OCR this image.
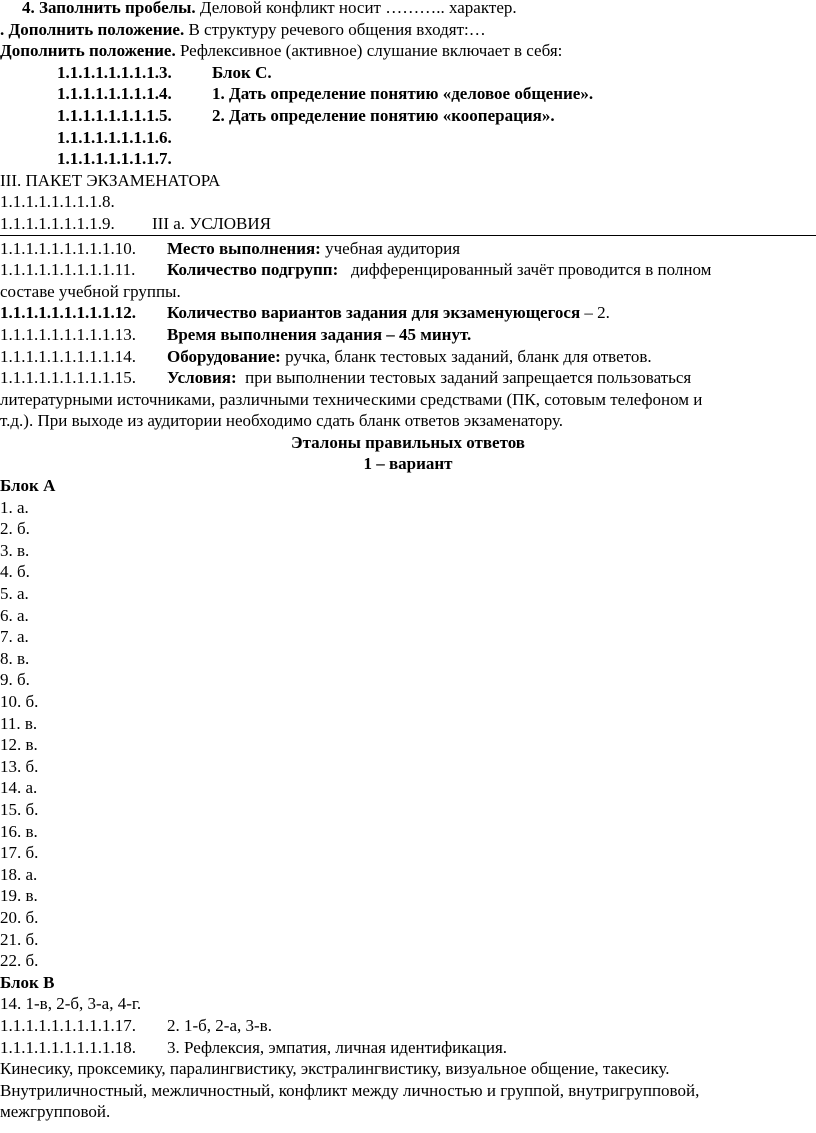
4. Заполнить пробелы. Деловой конфликт носит ……….. характер.
. Дополнить положение. В структуру речевого общения входят:…
Дополнить положение. Рефлексивное (активное) слушание включает в себя:
1.1.1.1.1.1.1.1.3. Блок С.
1.1.1.1.1.1.1.1.4. 1. Дать определение понятию «деловое общение».
1.1.1.1.1.1.1.1.5. 2. Дать определение понятию «кооперация».
1.1.1.1.1.1.1.1.6.
1.1.1.1.1.1.1.1.7.
III. ПАКЕТ ЭКЗАМЕНАТОРА
1.1.1.1.1.1.1.1.8.
1.1.1.1.1.1.1.1.9. III а. УСЛОВИЯ
1.1.1.1.1.1.1.1.1.10. Место выполнения: учебная аудитория
1.1.1.1.1.1.1.1.1.11. Количество подгрупп:   дифференцированный зачёт проводится в полном
составе учебной группы.
1.1.1.1.1.1.1.1.1.12. Количество вариантов задания для экзаменующегося – 2.
1.1.1.1.1.1.1.1.1.13. Время выполнения задания – 45 минут.
1.1.1.1.1.1.1.1.1.14. Оборудование: ручка, бланк тестовых заданий, бланк для ответов.
1.1.1.1.1.1.1.1.1.15. Условия:  при выполнении тестовых заданий запрещается пользоваться
литературными источниками, различными техническими средствами (ПК, сотовым телефоном и
т.д.). При выходе из аудитории необходимо сдать бланк ответов экзаменатору.
Эталоны правильных ответов
1 – вариант
Блок А
1. а.
2. б.
3. в.
4. б.
5. а.
6. а.
7. а.
8. в.
9. б.
10. б.
11. в.
12. в.
13. б.
14. а.
15. б.
16. в.
17. б.
18. а.
19. в.
20. б.
21. б.
22. б.
Блок В
14. 1-в, 2-б, 3-а, 4-г.
1.1.1.1.1.1.1.1.1.17. 2. 1-б, 2-а, 3-в.
1.1.1.1.1.1.1.1.1.18. 3. Рефлексия, эмпатия, личная идентификация.
Кинесику, проксемику, паралингвистику, экстралингвистику, визуальное общение, такесику.
Внутриличностный, межличностный, конфликт между личностью и группой, внутригрупповой,
межгрупповой.
